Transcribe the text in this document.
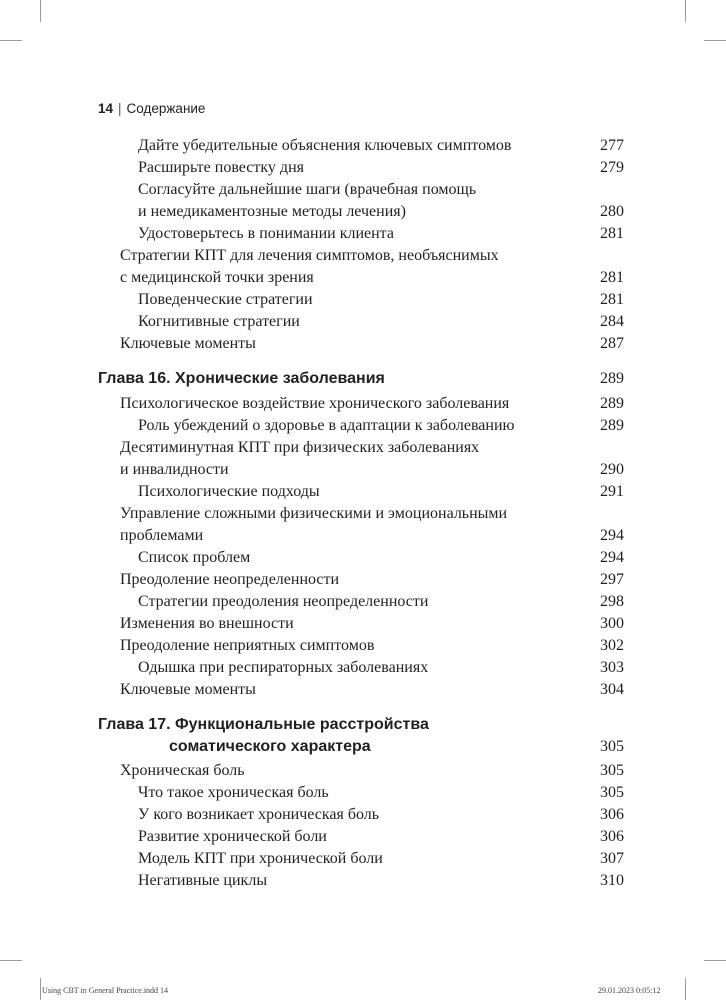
14 | Содержание
Дайте убедительные объяснения ключевых симптомов	277
Расширьте повестку дня	279
Согласуйте дальнейшие шаги (врачебная помощь
и немедикаментозные методы лечения)	280
Удостоверьтесь в понимании клиента	281
Стратегии КПТ для лечения симптомов, необъяснимых
с медицинской точки зрения	281
Поведенческие стратегии	281
Когнитивные стратегии	284
Ключевые моменты	287
Глава 16. Хронические заболевания	289
Психологическое воздействие хронического заболевания	289
Роль убеждений о здоровье в адаптации к заболеванию	289
Десятиминутная КПТ при физических заболеваниях
и инвалидности	290
Психологические подходы	291
Управление сложными физическими и эмоциональными
проблемами	294
Список проблем	294
Преодоление неопределенности	297
Стратегии преодоления неопределенности	298
Изменения во внешности	300
Преодоление неприятных симптомов	302
Одышка при респираторных заболеваниях	303
Ключевые моменты	304
Глава 17. Функциональные расстройства
соматического характера	305
Хроническая боль	305
Что такое хроническая боль	305
У кого возникает хроническая боль	306
Развитие хронической боли	306
Модель КПТ при хронической боли	307
Негативные циклы	310
Using CBT in General Practice.indd 14	29.01.2023 0:05:12
